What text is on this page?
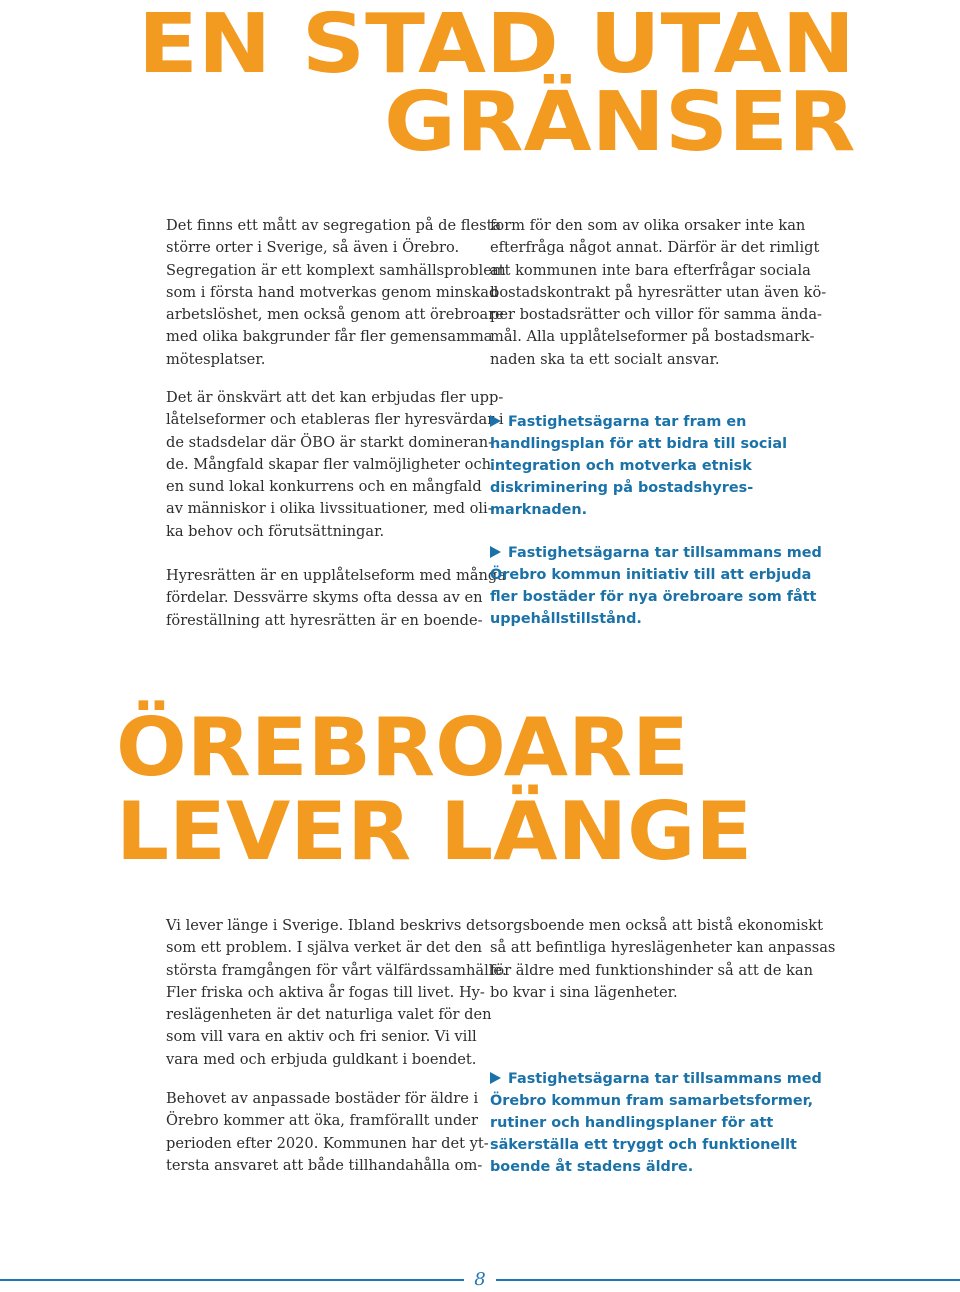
EN STAD UTAN
GRÄNSER

Det finns ett mått av segregation på de flesta
större orter i Sverige, så även i Örebro.
Segregation är ett komplext samhällsproblem
som i första hand motverkas genom minskad
arbetslöshet, men också genom att örebroare
med olika bakgrunder får fler gemensamma
mötesplatser.

Det är önskvärt att det kan erbjudas fler upp-
låtelseformer och etableras fler hyresvärdar i
de stadsdelar där ÖBO är starkt domineran-
de. Mångfald skapar fler valmöjligheter och
en sund lokal konkurrens och en mångfald
av människor i olika livssituationer, med oli-
ka behov och förutsättningar.

Hyresrätten är en upplåtelseform med många
fördelar. Dessvärre skyms ofta dessa av en
föreställning att hyresrätten är en boende-

form för den som av olika orsaker inte kan
efterfråga något annat. Därför är det rimligt
att kommunen inte bara efterfrågar sociala
bostadskontrakt på hyresrätter utan även kö-
per bostadsrätter och villor för samma ända-
mål. Alla upplåtelseformer på bostadsmark-
naden ska ta ett socialt ansvar.

Fastighetsägarna tar fram en
handlingsplan för att bidra till social
integration och motverka etnisk
diskriminering på bostadshyres-
marknaden.
Fastighetsägarna tar tillsammans med
Örebro kommun initiativ till att erbjuda
fler bostäder för nya örebroare som fått
uppehållstillstånd.
ÖREBROARE
LEVER LÄNGE

Vi lever länge i Sverige. Ibland beskrivs det
som ett problem. I själva verket är det den
största framgången för vårt välfärdssamhälle.
Fler friska och aktiva år fogas till livet. Hy-
reslägenheten är det naturliga valet för den
som vill vara en aktiv och fri senior. Vi vill
vara med och erbjuda guldkant i boendet.

Behovet av anpassade bostäder för äldre i
Örebro kommer att öka, framförallt under
perioden efter 2020. Kommunen har det yt-
tersta ansvaret att både tillhandahålla om-

sorgsboende men också att bistå ekonomiskt
så att befintliga hyreslägenheter kan anpassas
för äldre med funktionshinder så att de kan
bo kvar i sina lägenheter.

Fastighetsägarna tar tillsammans med
Örebro kommun fram samarbetsformer,
rutiner och handlingsplaner för att
säkerställa ett tryggt och funktionellt
boende åt stadens äldre.
8
